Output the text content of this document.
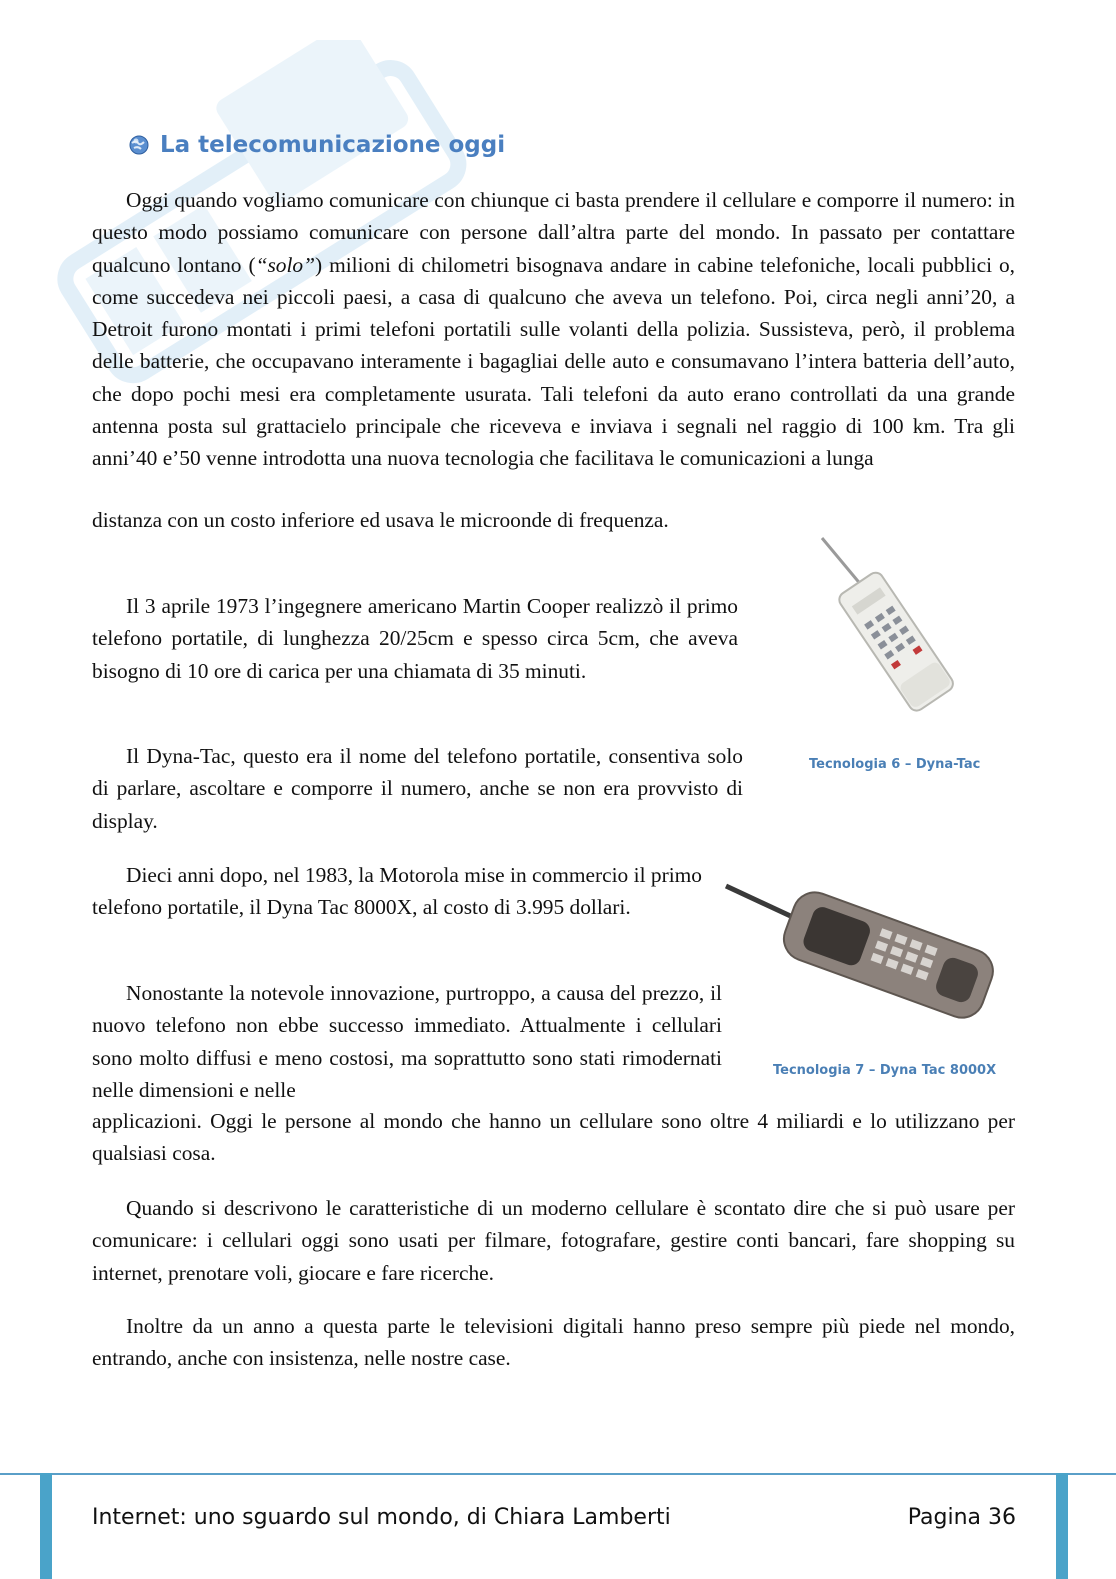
La telecomunicazione oggi

Oggi quando vogliamo comunicare con chiunque ci basta prendere il cellulare e comporre il numero: in questo modo possiamo comunicare con persone dall’altra parte del mondo. In passato per contattare qualcuno lontano (“solo”) milioni di chilometri bisognava andare in cabine telefoniche, locali pubblici o, come succedeva nei piccoli paesi, a casa di qualcuno che aveva un telefono. Poi, circa negli anni’20, a Detroit furono montati i primi telefoni portatili sulle volanti della polizia. Sussisteva, però, il problema delle batterie, che occupavano interamente i bagagliai delle auto e consumavano l’intera batteria dell’auto, che dopo pochi mesi era completamente usurata. Tali telefoni da auto erano controllati da una grande antenna posta sul grattacielo principale che riceveva e inviava i segnali nel raggio di 100 km. Tra gli anni’40 e’50 venne introdotta una nuova tecnologia che facilitava le comunicazioni a lunga

distanza con un costo inferiore ed usava le microonde di frequenza.

Il 3 aprile 1973 l’ingegnere americano Martin Cooper realizzò il primo telefono portatile, di lunghezza 20/25cm e spesso circa 5cm, che aveva bisogno di 10 ore di carica per una chiamata di 35 minuti.

Il Dyna-Tac, questo era il nome del telefono portatile, consentiva solo di parlare, ascoltare e comporre il numero, anche se non era provvisto di display.

Dieci anni dopo, nel 1983, la Motorola mise in commercio il primo telefono portatile, il Dyna Tac 8000X, al costo di 3.995 dollari.

Nonostante la notevole innovazione, purtroppo, a causa del prezzo, il nuovo telefono non ebbe successo immediato. Attualmente i cellulari sono molto diffusi e meno costosi, ma soprattutto sono stati rimodernati nelle dimensioni e nelle

applicazioni. Oggi le persone al mondo che hanno un cellulare sono oltre 4 miliardi e lo utilizzano per qualsiasi cosa.

Quando si descrivono le caratteristiche di un moderno cellulare è scontato dire che si può usare per comunicare: i cellulari oggi sono usati per filmare, fotografare, gestire conti bancari, fare shopping su internet, prenotare voli, giocare e fare ricerche.

Inoltre da un anno a questa parte le televisioni digitali hanno preso sempre più piede nel mondo, entrando, anche con insistenza, nelle nostre case.

Tecnologia 6 – Dyna-Tac
Tecnologia 7 – Dyna Tac 8000X
Internet: uno sguardo sul mondo, di Chiara Lamberti	Pagina 36
